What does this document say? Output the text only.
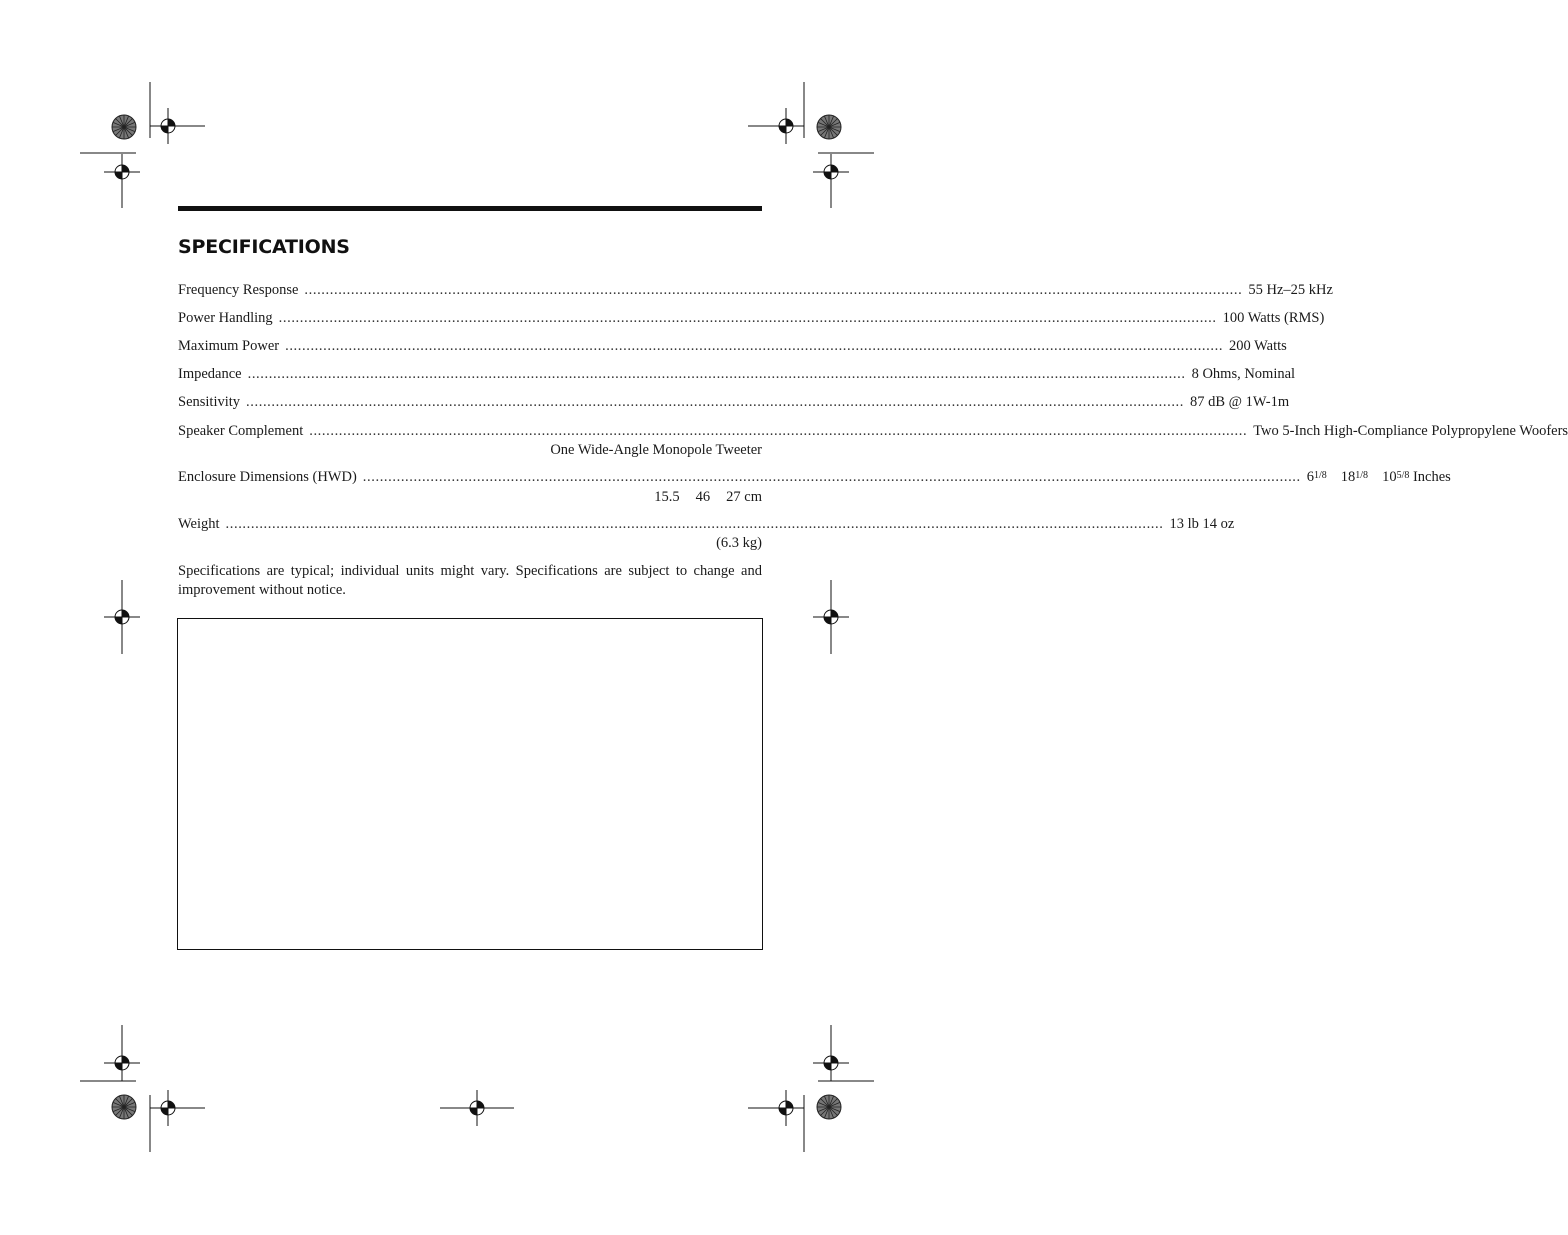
SPECIFICATIONS
Frequency Response .............................................................................................................................................................................................................................. 55 Hz–25 kHz
Power Handling .............................................................................................................................................................................................................................. 100 Watts (RMS)
Maximum Power .............................................................................................................................................................................................................................. 200 Watts
Impedance .............................................................................................................................................................................................................................. 8 Ohms, Nominal
Sensitivity .............................................................................................................................................................................................................................. 87 dB @ 1W-1m
Speaker Complement .............................................................................................................................................................................................................................. Two 5-Inch High-Compliance Polypropylene Woofers
One Wide-Angle Monopole Tweeter
Enclosure Dimensions (HWD) .............................................................................................................................................................................................................................. $6^{1/8}$ $18^{1/8}$ $10^{5/8}$ Inches
15.5 46 27 cm
Weight .............................................................................................................................................................................................................................. 13 lb 14 oz
(6.3 kg)

Specifications are typical; individual units might vary. Specifications are subject to change and improvement without notice.
